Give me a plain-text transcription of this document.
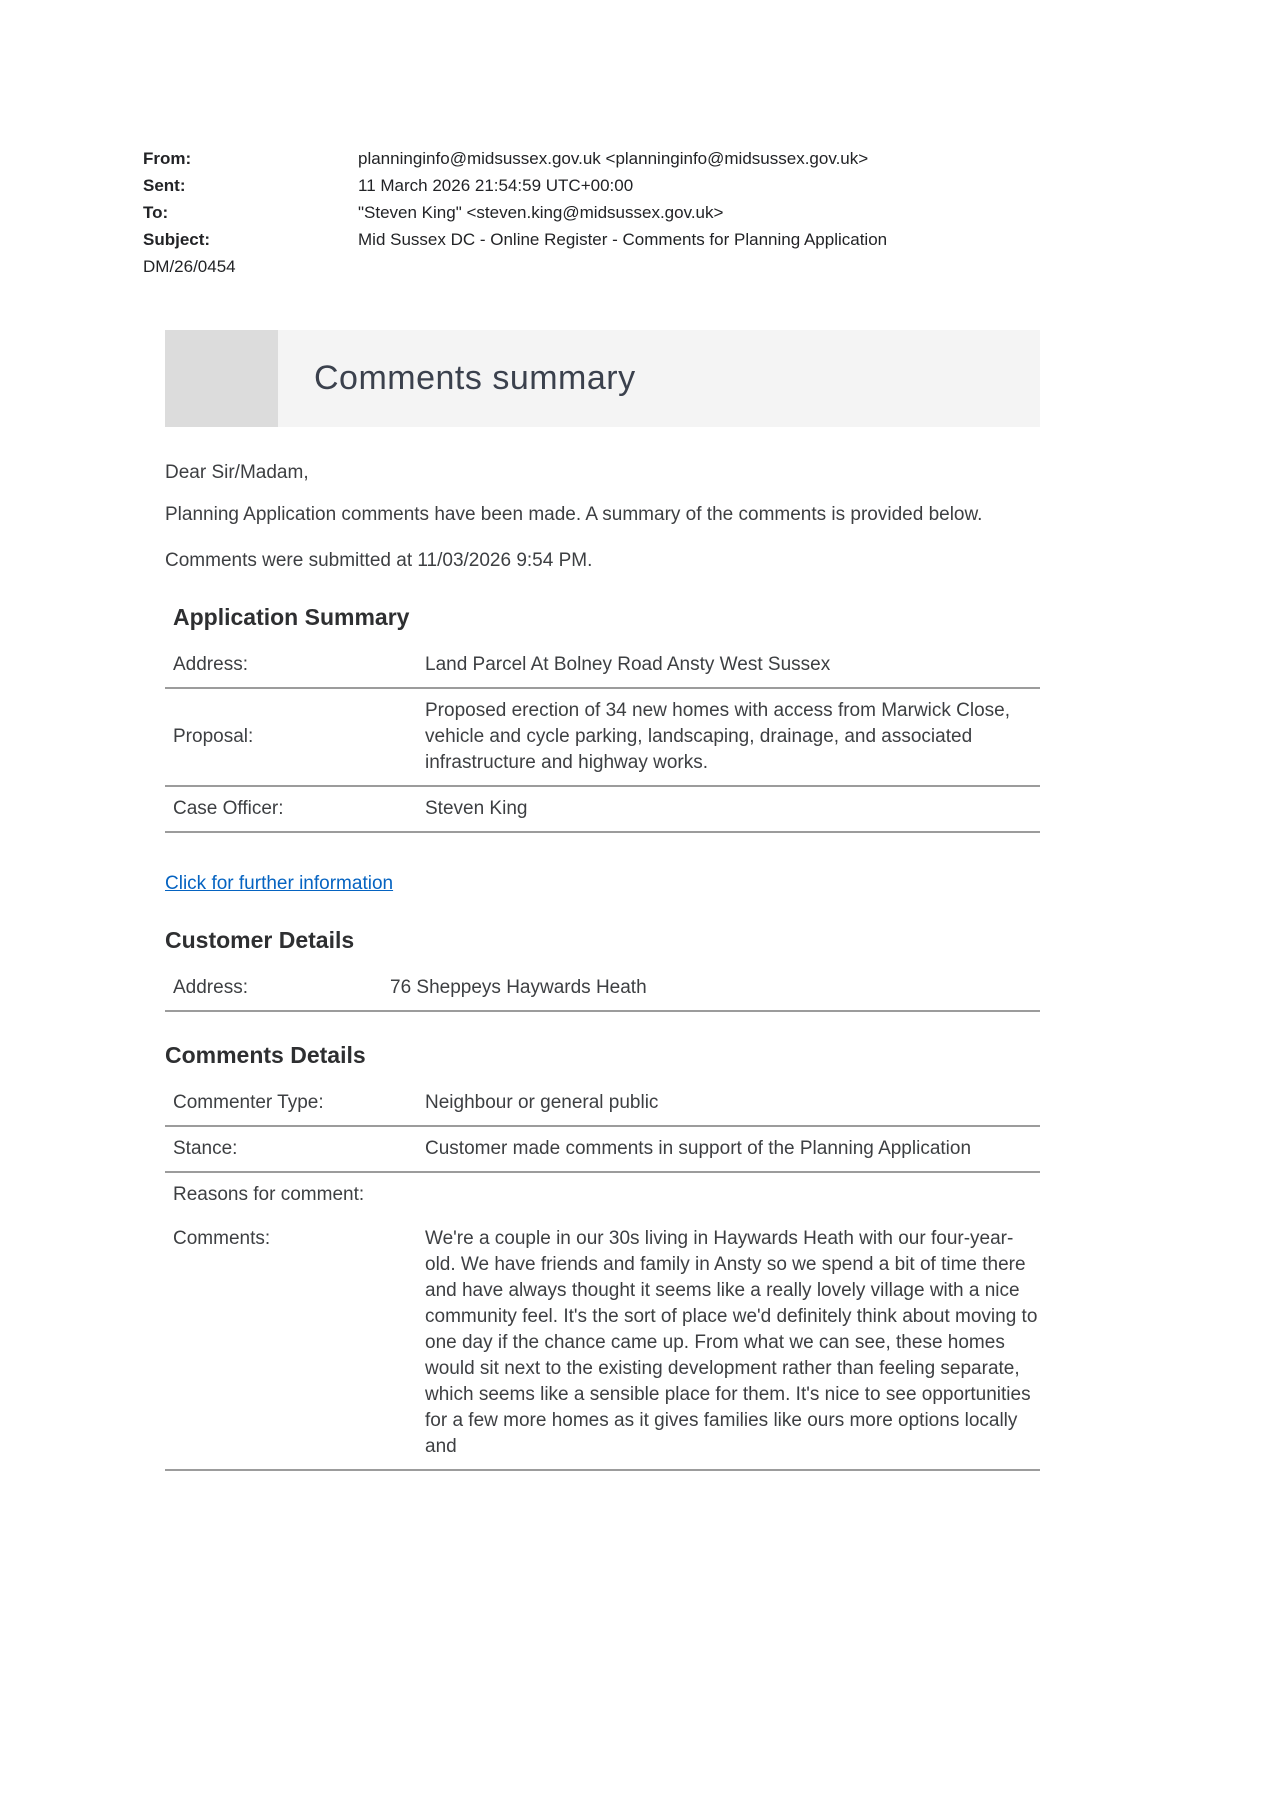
From:	planninginfo@midsussex.gov.uk <planninginfo@midsussex.gov.uk>
Sent:	11 March 2026 21:54:59 UTC+00:00
To:	"Steven King" <steven.king@midsussex.gov.uk>
Subject:	Mid Sussex DC - Online Register - Comments for Planning Application
DM/26/0454
Comments summary

Dear Sir/Madam,

Planning Application comments have been made. A summary of the comments is provided below.

Comments were submitted at 11/03/2026 9:54 PM.

Application Summary
Address:	Land Parcel At Bolney Road Ansty West Sussex
Proposal:
Proposed erection of 34 new homes with access from Marwick Close, vehicle and cycle parking, landscaping, drainage, and associated infrastructure and highway works.
Case Officer:	Steven King
Click for further information
Customer Details
Address:	76 Sheppeys Haywards Heath
Comments Details
Commenter Type:	Neighbour or general public
Stance:	Customer made comments in support of the Planning Application
Reasons for comment:
Comments:	We're a couple in our 30s living in Haywards Heath with our four-year-old. We have friends and family in Ansty so we spend a bit of time there and have always thought it seems like a really lovely village with a nice community feel. It's the sort of place we'd definitely think about moving to one day if the chance came up. From what we can see, these homes would sit next to the existing development rather than feeling separate, which seems like a sensible place for them. It's nice to see opportunities for a few more homes as it gives families like ours more options locally and
